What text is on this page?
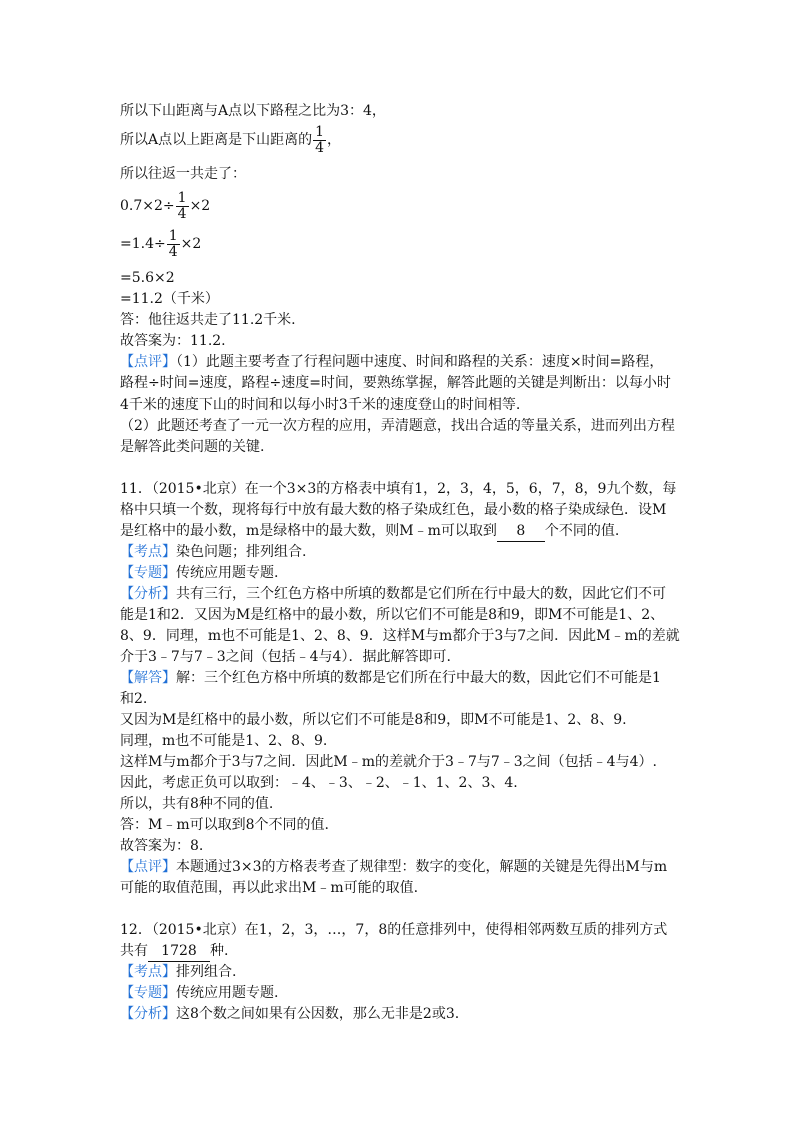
所以下山距离与A点以下路程之比为3：4，
所以A点以上距离是下山距离的 $\frac{1}{4}$ ，
所以往返一共走了：
$0.7\times 2\div \frac{1}{4} \times 2$
$=1.4\div \frac{1}{4} \times 2$
=5.6×2
=11.2（千米）
答：他往返共走了11.2千米.
故答案为：11.2.
【点评】（1）此题主要考查了行程问题中速度、时间和路程的关系：速度×时间=路程，
路程÷时间=速度，路程÷速度=时间，要熟练掌握，解答此题的关键是判断出：以每小时
4千米的速度下山的时间和以每小时3千米的速度登山的时间相等.
（2）此题还考查了一元一次方程的应用，弄清题意，找出合适的等量关系，进而列出方程
是解答此类问题的关键.
11．（2015•北京）在一个3×3的方格表中填有1，2，3，4，5，6，7，8，9九个数，每
格中只填一个数，现将每行中放有最大数的格子染成红色，最小数的格子染成绿色．设M
是红格中的最小数，m是绿格中的最大数，则M﹣m可以取到 8 个不同的值.
【考点】染色问题；排列组合.
【专题】传统应用题专题.
【分析】共有三行，三个红色方格中所填的数都是它们所在行中最大的数，因此它们不可
能是1和2．又因为M是红格中的最小数，所以它们不可能是8和9，即M不可能是1、2、
8、9．同理，m也不可能是1、2、8、9．这样M与m都介于3与7之间．因此M﹣m的差就
介于3﹣7与7﹣3之间（包括﹣4与4）．据此解答即可.
【解答】解：三个红色方格中所填的数都是它们所在行中最大的数，因此它们不可能是1
和2.
又因为M是红格中的最小数，所以它们不可能是8和9，即M不可能是1、2、8、9.
同理，m也不可能是1、2、8、9.
这样M与m都介于3与7之间．因此M﹣m的差就介于3﹣7与7﹣3之间（包括﹣4与4）.
因此，考虑正负可以取到：﹣4、﹣3、﹣2、﹣1、1、2、3、4.
所以，共有8种不同的值.
答：M﹣m可以取到8个不同的值.
故答案为：8.
【点评】本题通过3×3的方格表考查了规律型：数字的变化，解题的关键是先得出M与m
可能的取值范围，再以此求出M﹣m可能的取值.
12．（2015•北京）在1，2，3，…，7，8的任意排列中，使得相邻两数互质的排列方式
共有 1728 种.
【考点】排列组合.
【专题】传统应用题专题.
【分析】这8个数之间如果有公因数，那么无非是2或3.
